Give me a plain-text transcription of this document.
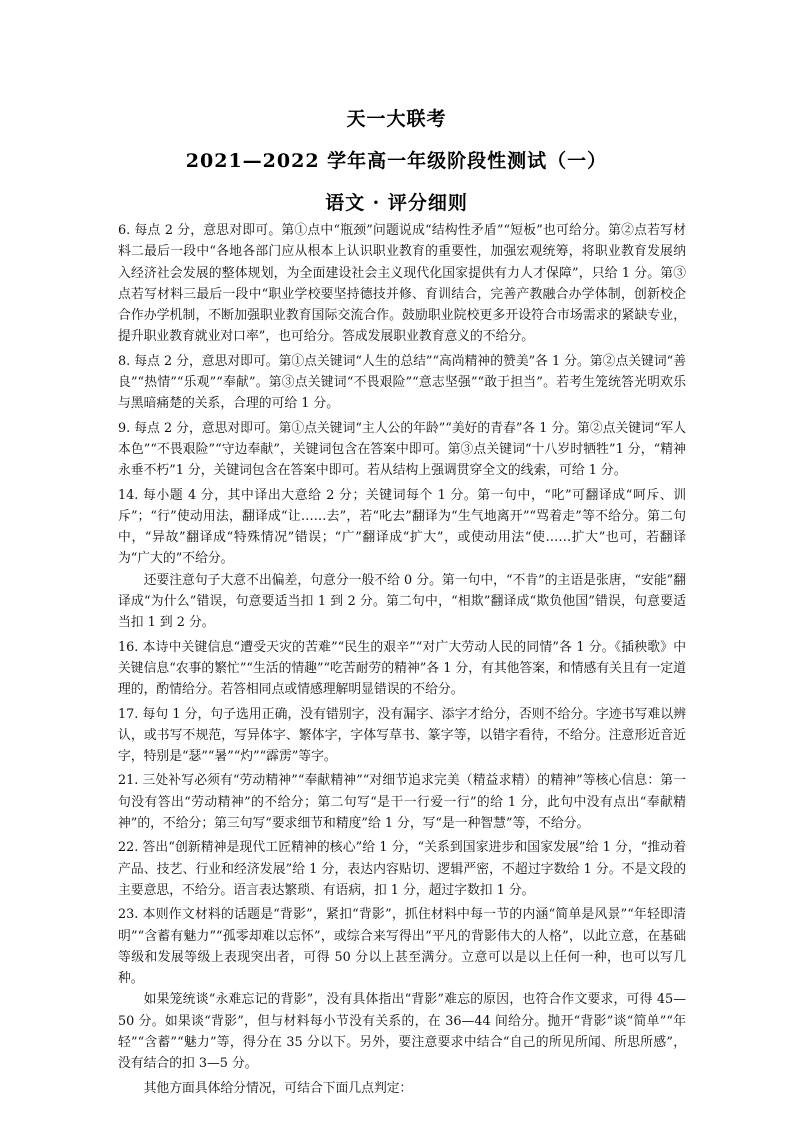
天一大联考
2021—2022 学年高一年级阶段性测试（一）
语文 · 评分细则
6. 每点 2 分，意思对即可。第①点中“瓶颈”问题说成“结构性矛盾”“短板”也可给分。第②点若写材料二最后一段中“各地各部门应从根本上认识职业教育的重要性，加强宏观统筹，将职业教育发展纳入经济社会发展的整体规划，为全面建设社会主义现代化国家提供有力人才保障”，只给 1 分。第③点若写材料三最后一段中“职业学校要坚持德技并修、育训结合，完善产教融合办学体制，创新校企合作办学机制，不断加强职业教育国际交流合作。鼓励职业院校更多开设符合市场需求的紧缺专业，提升职业教育就业对口率”，也可给分。答成发展职业教育意义的不给分。
8. 每点 2 分，意思对即可。第①点关键词“人生的总结”“高尚精神的赞美”各 1 分。第②点关键词“善良”“热情”“乐观”“奉献”。第③点关键词“不畏艰险”“意志坚强”“敢于担当”。若考生笼统答光明欢乐与黑暗痛楚的关系，合理的可给 1 分。
9. 每点 2 分，意思对即可。第①点关键词“主人公的年龄”“美好的青春”各 1 分。第②点关键词“军人本色”“不畏艰险”“守边奉献”，关键词包含在答案中即可。第③点关键词“十八岁时牺牲”1 分，“精神永垂不朽”1 分，关键词包含在答案中即可。若从结构上强调贯穿全文的线索，可给 1 分。
14. 每小题 4 分，其中译出大意给 2 分；关键词每个 1 分。第一句中，“叱”可翻译成“呵斥、训斥”；“行”使动用法，翻译成“让……去”，若“叱去”翻译为“生气地离开”“骂着走”等不给分。第二句中，“异故”翻译成“特殊情况”错误；“广”翻译成“扩大”，或使动用法“使……扩大”也可，若翻译为“广大的”不给分。
还要注意句子大意不出偏差，句意分一般不给 0 分。第一句中，“不肯”的主语是张唐，“安能”翻译成“为什么”错误，句意要适当扣 1 到 2 分。第二句中，“相欺”翻译成“欺负他国”错误，句意要适当扣 1 到 2 分。
16. 本诗中关键信息“遭受天灾的苦难”“民生的艰辛”“对广大劳动人民的同情”各 1 分。《插秧歌》中关键信息“农事的繁忙”“生活的情趣”“吃苦耐劳的精神”各 1 分，有其他答案，和情感有关且有一定道理的，酌情给分。若答相同点或情感理解明显错误的不给分。
17. 每句 1 分，句子选用正确，没有错别字，没有漏字、添字才给分，否则不给分。字迹书写难以辨认，或书写不规范，写异体字、繁体字，字体写草书、篆字等，以错字看待，不给分。注意形近音近字，特别是“瑟”“暑”“灼”“霹雳”等字。
21. 三处补写必须有“劳动精神”“奉献精神”“对细节追求完美（精益求精）的精神”等核心信息：第一句没有答出“劳动精神”的不给分；第二句写“是干一行爱一行”的给 1 分，此句中没有点出“奉献精神”的，不给分；第三句写“要求细节和精度”给 1 分，写“是一种智慧”等，不给分。
22. 答出“创新精神是现代工匠精神的核心”给 1 分，“关系到国家进步和国家发展”给 1 分，“推动着产品、技艺、行业和经济发展”给 1 分，表达内容贴切、逻辑严密，不超过字数给 1 分。不是文段的主要意思，不给分。语言表达繁琐、有语病，扣 1 分，超过字数扣 1 分。
23. 本则作文材料的话题是“背影”，紧扣“背影”，抓住材料中每一节的内涵“简单是风景”“年轻即清明”“含蓄有魅力”“孤零却难以忘怀”，或综合来写得出“平凡的背影伟大的人格”，以此立意，在基础等级和发展等级上表现突出者，可得 50 分以上甚至满分。立意可以是以上任何一种，也可以写几种。
如果笼统谈“永难忘记的背影”，没有具体指出“背影”难忘的原因，也符合作文要求，可得 45—50 分。如果谈“背影”，但与材料每小节没有关系的，在 36—44 间给分。抛开“背影”谈“简单”“年轻”“含蓄”“魅力”等，得分在 35 分以下。另外，要注意要求中结合“自己的所见所闻、所思所感”，没有结合的扣 3—5 分。
其他方面具体给分情况，可结合下面几点判定：
